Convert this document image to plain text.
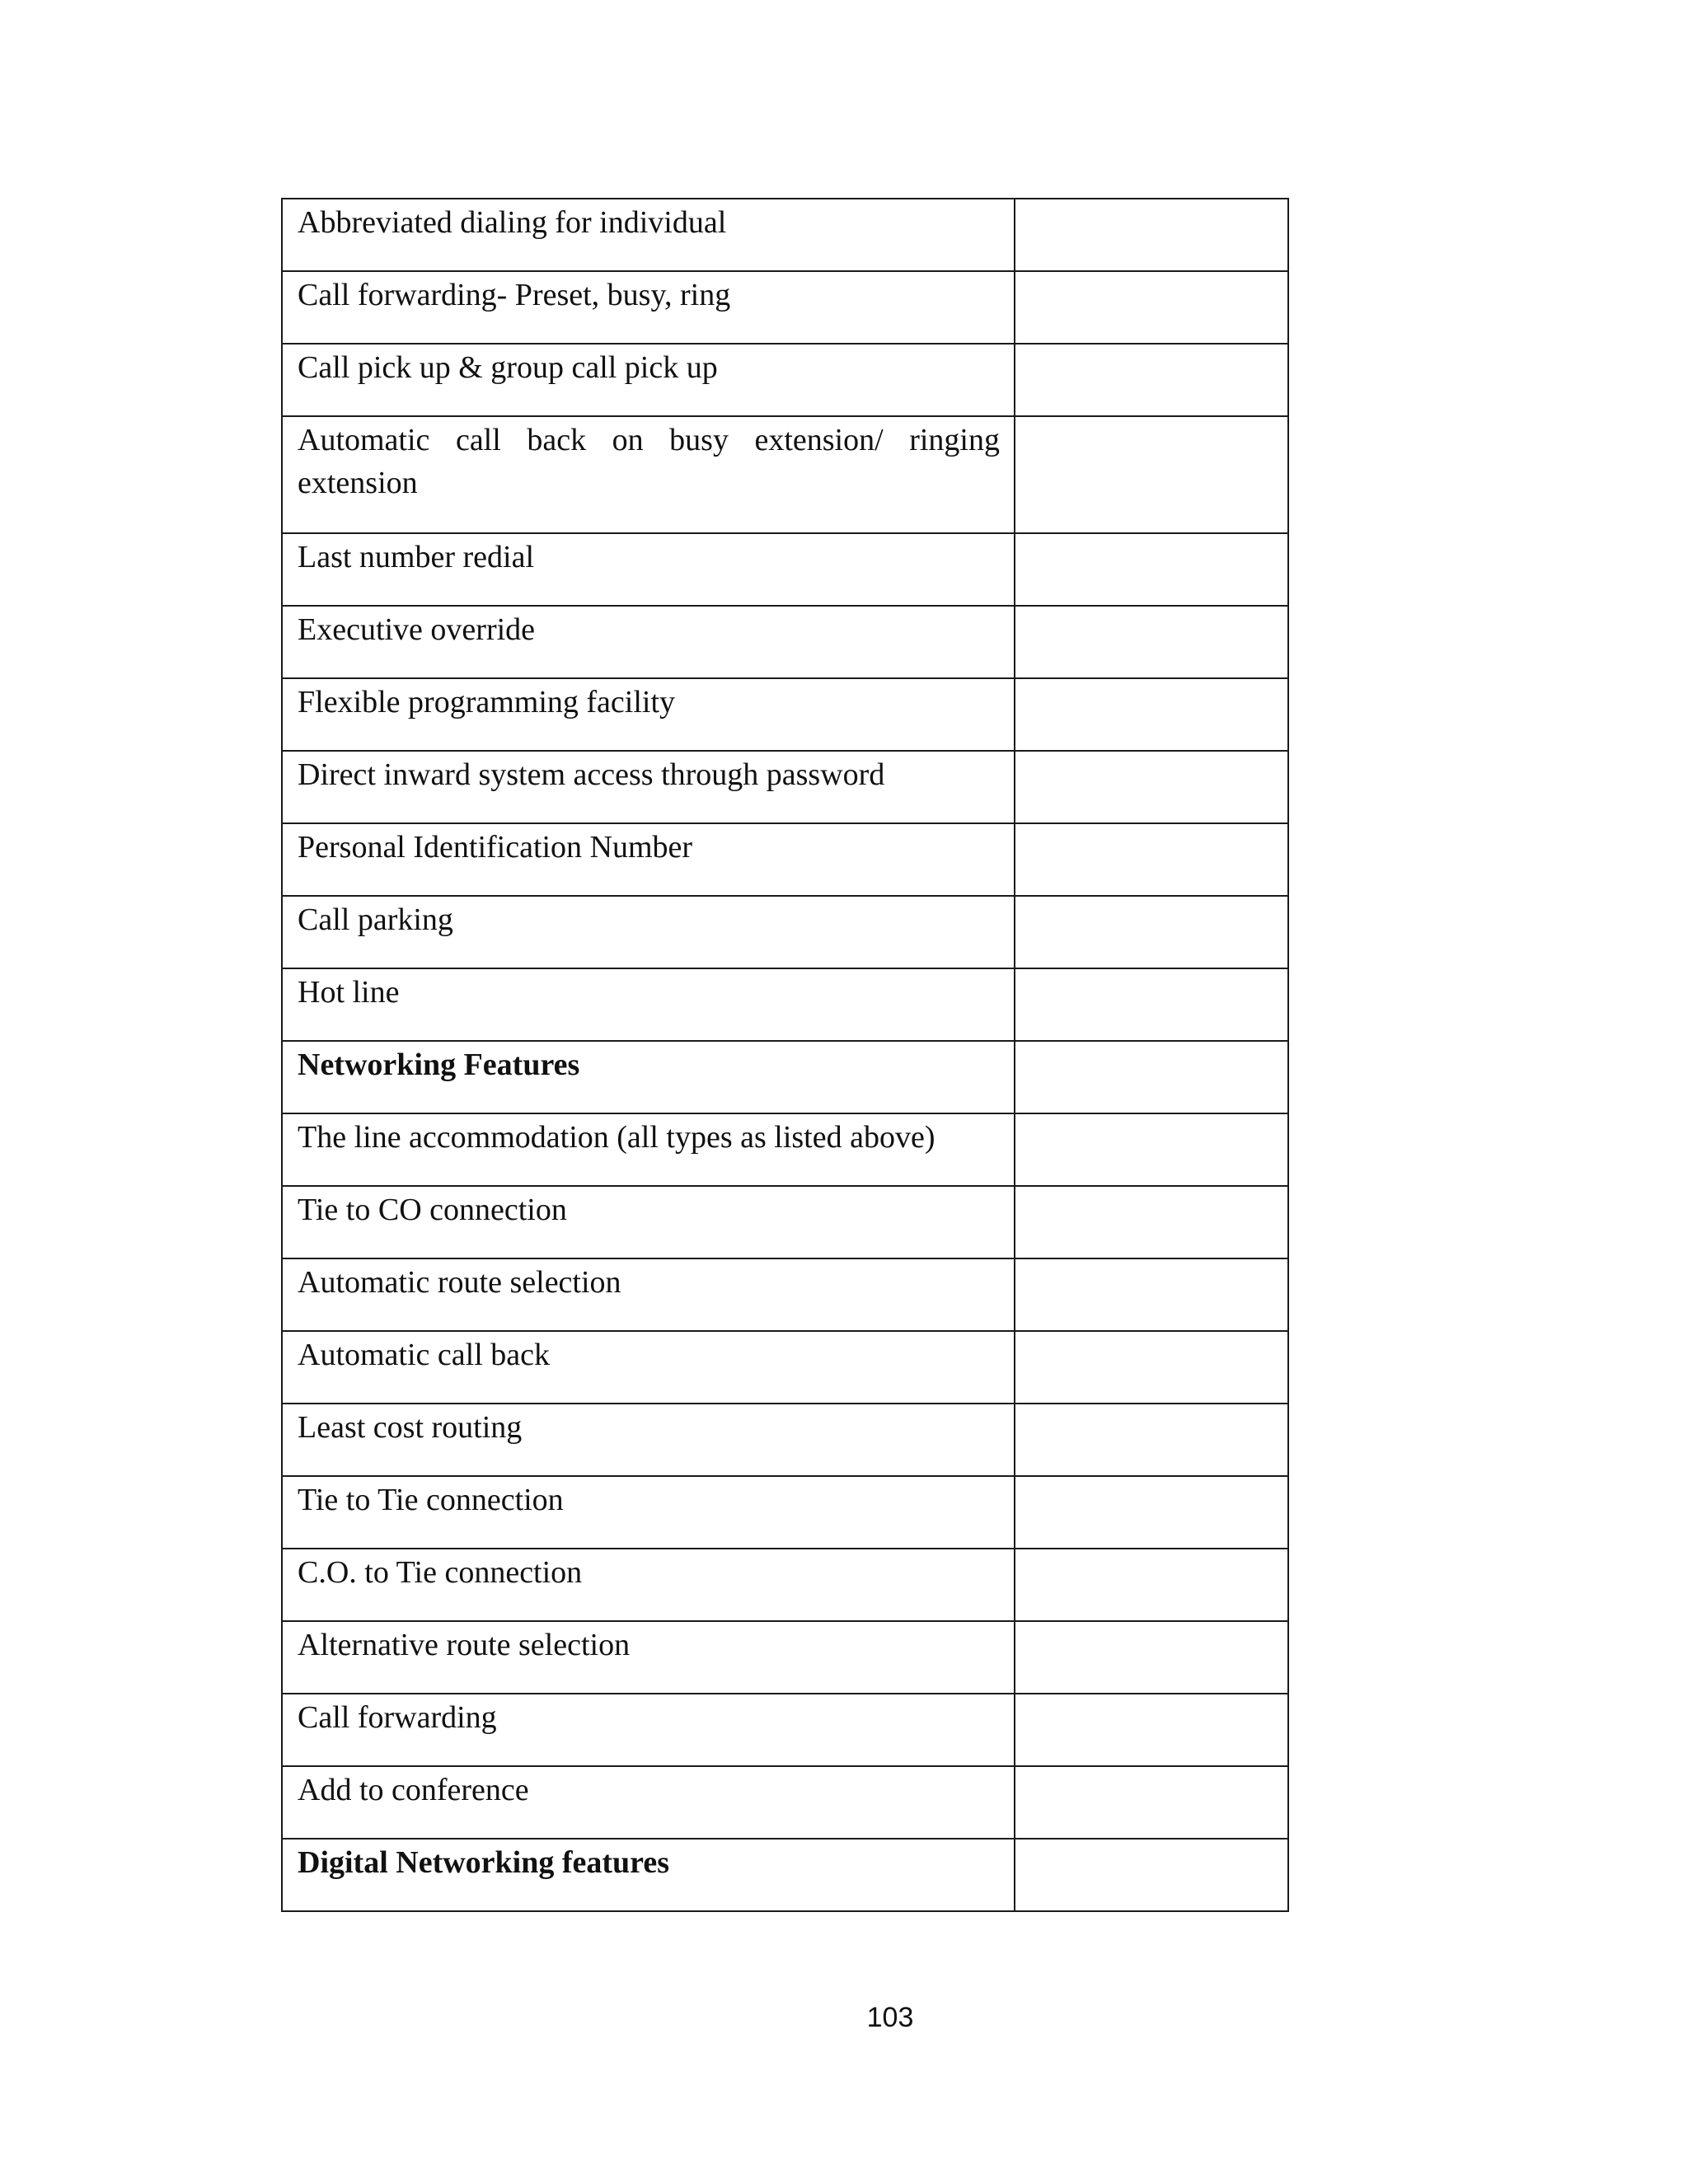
Abbreviated dialing for individual	

Call forwarding- Preset, busy, ring	

Call pick up & group call pick up	

Automatic call back on busy extension/ ringing extension	

Last number redial	

Executive override	

Flexible programming facility	

Direct inward system access through password	

Personal Identification Number	

Call parking	

Hot line	

Networking Features	

The line accommodation (all types as listed above)	

Tie to CO connection	

Automatic route selection	

Automatic call back	

Least cost routing	

Tie to Tie connection	

C.O. to Tie connection	

Alternative route selection	

Call forwarding	

Add to conference	

Digital Networking features	

103
